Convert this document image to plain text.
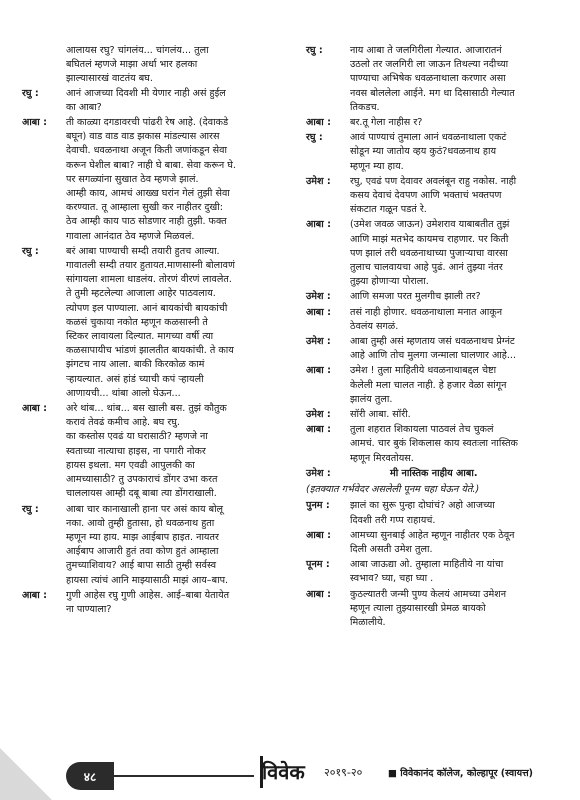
आलायस रघु? चांगलंय... चांगलंय... तुला
बघितलं म्हणजे माझा अर्धा भार हलका
झाल्यासारखं वाटतंय बघ.
रघु :	आनं आजच्या दिवशी मी येणार नाही असं हुईल
का आबा?
आबा :	ती काळ्या दगडावरची पांढरी रेष आहे. (देवाकडे
बघून) वाड वाड वाड झकास मांडल्यास आरस
देवाची. धवळनाथा अजून किती जणांकडून सेवा
करून घेशील बाबा? नाही घे बाबा. सेवा करून घे.
पर सगळ्यांना सुखात ठेव म्हणजे झालं.
आम्ही काय, आमचं आख्ख घरांन गेलं तुझी सेवा
करण्यात. तू आम्हाला सुखी कर नाहीतर दुखी:
ठेव आम्ही काय पाठ सोडणार नाही तुझी. फक्त
गावाला आनंदात ठेव म्हणजे मिळवलं.
रघु :	बरं आबा पाण्याची सम्दी तयारी हुतच आल्या.
गावातली सम्दी तयार हुतायत.माणसास्नी बोलावणं
सांगायला शामला धाडलंय. तोरणं वीरणं लावलेत.
ते तुमी म्हटलेल्या आजाला आहेर पाठवलाय.
त्योपण इल पाण्याला. आनं बायकांची बायकांची
कळसं चुकाया नकोत म्हणून कळसास्नी ते
स्टिकर लावायला दिल्यात. मागच्या वर्षी त्या
कळसापायीच भांडणं झालतीत बायकांची. ते काय
झंगटच नाय आला. बाकी किरकोळ कामं
ऱ्हायल्यात. असं हांडं च्याची कपं ऱ्हायली
आणायची... थांबा आलो घेऊन...
आबा :	अरे थांब... थांब... बस खाली बस. तुझं कौतुक
करावं तेवढं कमीच आहे. बघ रघु.
का कस्तोस एवढं या घरासाठी? म्हणजे ना
स्वताच्या नात्याचा हाइस, ना पगारी नोकर
हायस इथला. मग एवढी आपुलकी का
आमच्यासाठी? तु उपकाराचं डोंगर उभा करत
चाललायस आम्ही दबू बाबा त्या डोंगराखाली.
रघु :	आबा चार कानाखाली हाना पर असं काय बोलू
नका. आवो तुम्ही हुतासा, हो धवळनाथ हुता
म्हणून म्या हाय. माझ आईबाप हाइत. नायतर
आईबाप आजारी हुतं तवा कोण हुतं आम्हाला
तुमच्याशिवाय? आई बापा साठी तुम्ही सर्वस्व
हायसा त्यांचं आनि माझ्यासाठी माझं आय–बाप.
आबा :	गुणी आहेस रघु गुणी आहेस. आई–बाबा येतायेत
ना पाण्याला?
रघु :	नाय आबा ते जलगिरीला गेल्यात. आजारातनं
उठलो तर जलगिरी ला जाऊन तिथल्या नदीच्या
पाण्याचा अभिषेक धवळनाथाला करणार असा
नवस बोललेला आईने. मग धा दिसासाठी गेल्यात
तिकडच.
आबा :	बर.तू गेला नाहीस र?
रघु :	आवं पाण्याचं तुमाला आनं धवळनाथाला एकटं
सोडून म्या जातोय व्हय कुठं?धवळनाथ हाय
म्हणून म्या हाय.
उमेश :	रघु, एवढं पण देवावर अवलंबून राहु नकोस. नाही
कसय देवाचं देवपण आणि भक्ताचं भक्तपण
संकटात गळून पडतं रे.
आबा :	(उमेश जवळ जाऊन) उमेशराव याबाबतीत तुझं
आणि माझं मतभेद कायमच राहणार. पर किती
पण झालं तरी धवळनाथाच्या पुजाऱ्याचा वारसा
तुलाच चालवायचा आहे पुढं. आनं तुझ्या नंतर
तुझ्या होणाऱ्या पोराला.
उमेश :	आणि समजा परत मुलगीच झाली तर?
आबा :	तसं नाही होणार. धवळनाथाला मनात आकून
ठेवलंय सगळं.
उमेश :	आबा तुम्ही असं म्हणताय जसं धवळनाथच प्रेग्नंट
आहे आणि तोच मुलगा जन्माला घालणार आहे...
आबा :	उमेश ! तुला माहितीये धवळनाथाबद्दल चेष्टा
केलेली मला चालत नाही. हे हजार वेळा सांगून
झालंय तुला.
उमेश :	सॉरी आबा. सॉरी.
आबा :	तुला शहरात शिकायला पाठवलं तेच चुकलं
आमचं. चार बुकं शिकलास काय स्वतःला नास्तिक
म्हणून मिरवतोयस.
उमेश :	मी नास्तिक नाहीय आबा.
(इतक्यात गर्भवेदर असलेली पूनम चहा घेऊन येते.)
पुनम :	झालं का सुरू पुन्हा दोघांचं? अहो आजच्या
दिवशी तरी गप्प राहायचं.
आबा :	आमच्या सुनबाई आहेत म्हणून नाहीतर एक ठेवून
दिली असती उमेश तुला.
पूनम :	आबा जाऊद्या ओ. तुम्हाला माहितीये ना यांचा
स्वभाव? घ्या, चहा घ्या .
आबा :	कुठल्यातरी जन्मी पुण्य केलयं आमच्या उमेशन
म्हणून त्याला तुझ्यासारखी प्रेमळ बायको
मिळालीये.
४८	विवेक २०१९-२०	■ विवेकानंद कॉलेज, कोल्हापूर (स्वायत्त)
